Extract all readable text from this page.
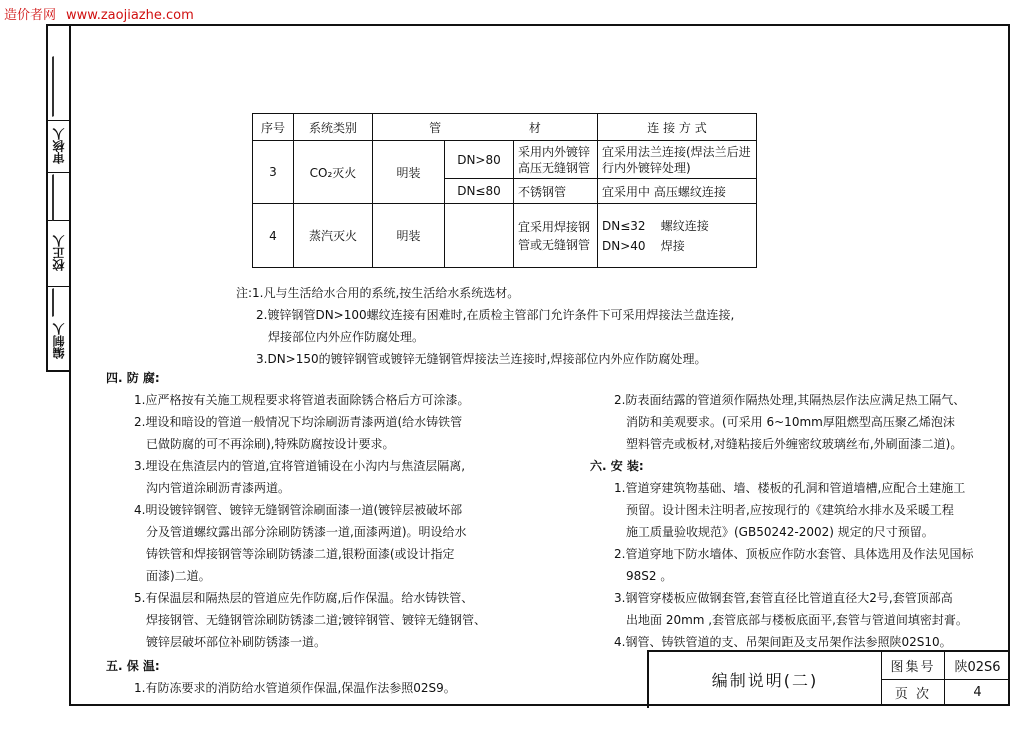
造价者网 www.zaojiazhe.com
编制人
校正人
审核人
序号	系统类别	管 材			连 接 方 式
3	CO₂灭火	明装	DN>80	采用内外镀锌高压无缝钢管	宜采用法兰连接(焊法兰后进行内外镀锌处理)
			DN≤80	不锈钢管	宜采用中 高压螺纹连接
4	蒸汽灭火	明装		宜采用焊接钢管或无缝钢管	DN≤32    螺纹连接
DN>40    焊接
注:1.凡与生活给水合用的系统,按生活给水系统选材。
2.镀锌钢管DN>100螺纹连接有困难时,在质检主管部门允许条件下可采用焊接法兰盘连接,
焊接部位内外应作防腐处理。
3.DN>150的镀锌钢管或镀锌无缝钢管焊接法兰连接时,焊接部位内外应作防腐处理。
四. 防 腐:
1.应严格按有关施工规程要求将管道表面除锈合格后方可涂漆。
2.埋设和暗设的管道一般情况下均涂刷沥青漆两道(给水铸铁管
已做防腐的可不再涂刷),特殊防腐按设计要求。
3.埋设在焦渣层内的管道,宜将管道铺设在小沟内与焦渣层隔离,
沟内管道涂刷沥青漆两道。
4.明设镀锌钢管、镀锌无缝钢管涂刷面漆一道(镀锌层被破坏部
分及管道螺纹露出部分涂刷防锈漆一道,面漆两道)。明设给水
铸铁管和焊接钢管等涂刷防锈漆二道,银粉面漆(或设计指定
面漆)二道。
5.有保温层和隔热层的管道应先作防腐,后作保温。给水铸铁管、
焊接钢管、无缝钢管涂刷防锈漆二道;镀锌钢管、镀锌无缝钢管、
镀锌层破坏部位补刷防锈漆一道。
五. 保 温:
1.有防冻要求的消防给水管道须作保温,保温作法参照02S9。
2.防表面结露的管道须作隔热处理,其隔热层作法应满足热工隔气、
消防和美观要求。(可采用 6~10mm厚阻燃型高压聚乙烯泡沫
塑料管壳或板材,对缝粘接后外缠密纹玻璃丝布,外刷面漆二道)。
六. 安 装:
1.管道穿建筑物基础、墙、楼板的孔洞和管道墙槽,应配合土建施工
预留。设计图未注明者,应按现行的《建筑给水排水及采暖工程
施工质量验收规范》(GB50242-2002) 规定的尺寸预留。
2.管道穿地下防水墙体、顶板应作防水套管、具体选用及作法见国标
98S2 。
3.钢管穿楼板应做钢套管,套管直径比管道直径大2号,套管顶部高
出地面 20mm ,套管底部与楼板底面平,套管与管道间填密封膏。
4.钢管、铸铁管道的支、吊架间距及支吊架作法参照陕02S10。
编制说明(二)
图集号	陕02S6
页 次	4
